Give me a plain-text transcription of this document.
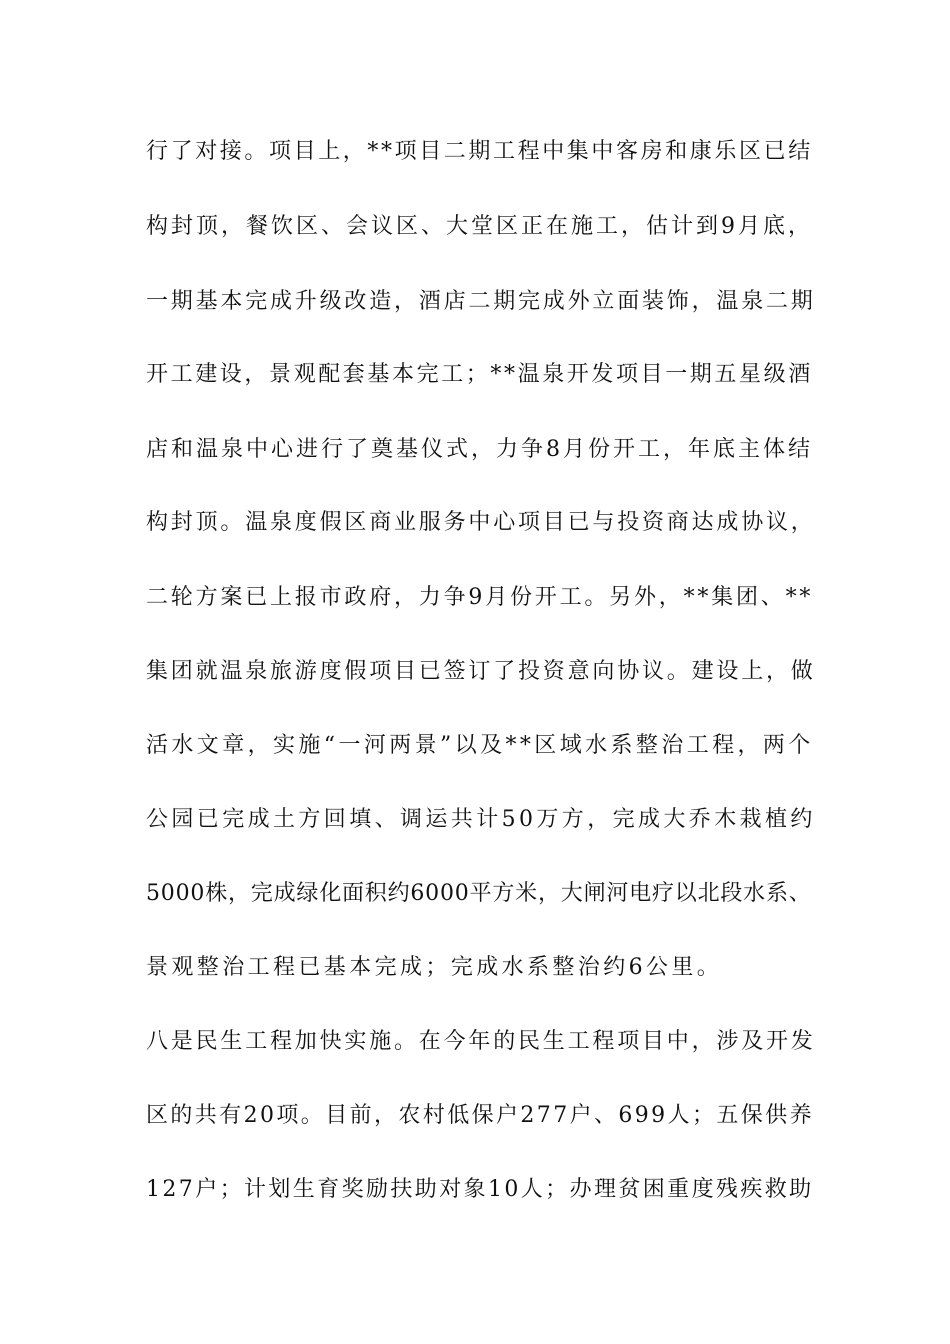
行了对接。项目上，**项目二期工程中集中客房和康乐区已结
构封顶，餐饮区、会议区、大堂区正在施工，估计到9月底，
一期基本完成升级改造，酒店二期完成外立面装饰，温泉二期
开工建设，景观配套基本完工；**温泉开发项目一期五星级酒
店和温泉中心进行了奠基仪式，力争8月份开工，年底主体结
构封顶。温泉度假区商业服务中心项目已与投资商达成协议，
二轮方案已上报市政府，力争9月份开工。另外，**集团、**
集团就温泉旅游度假项目已签订了投资意向协议。建设上，做
活水文章，实施“一河两景”以及**区域水系整治工程，两个
公园已完成土方回填、调运共计50万方，完成大乔木栽植约
5000株，完成绿化面积约6000平方米，大闸河电疗以北段水系、
景观整治工程已基本完成；完成水系整治约6公里。
八是民生工程加快实施。在今年的民生工程项目中，涉及开发
区的共有20项。目前，农村低保户277户、699人；五保供养
127户；计划生育奖励扶助对象10人；办理贫困重度残疾救助
